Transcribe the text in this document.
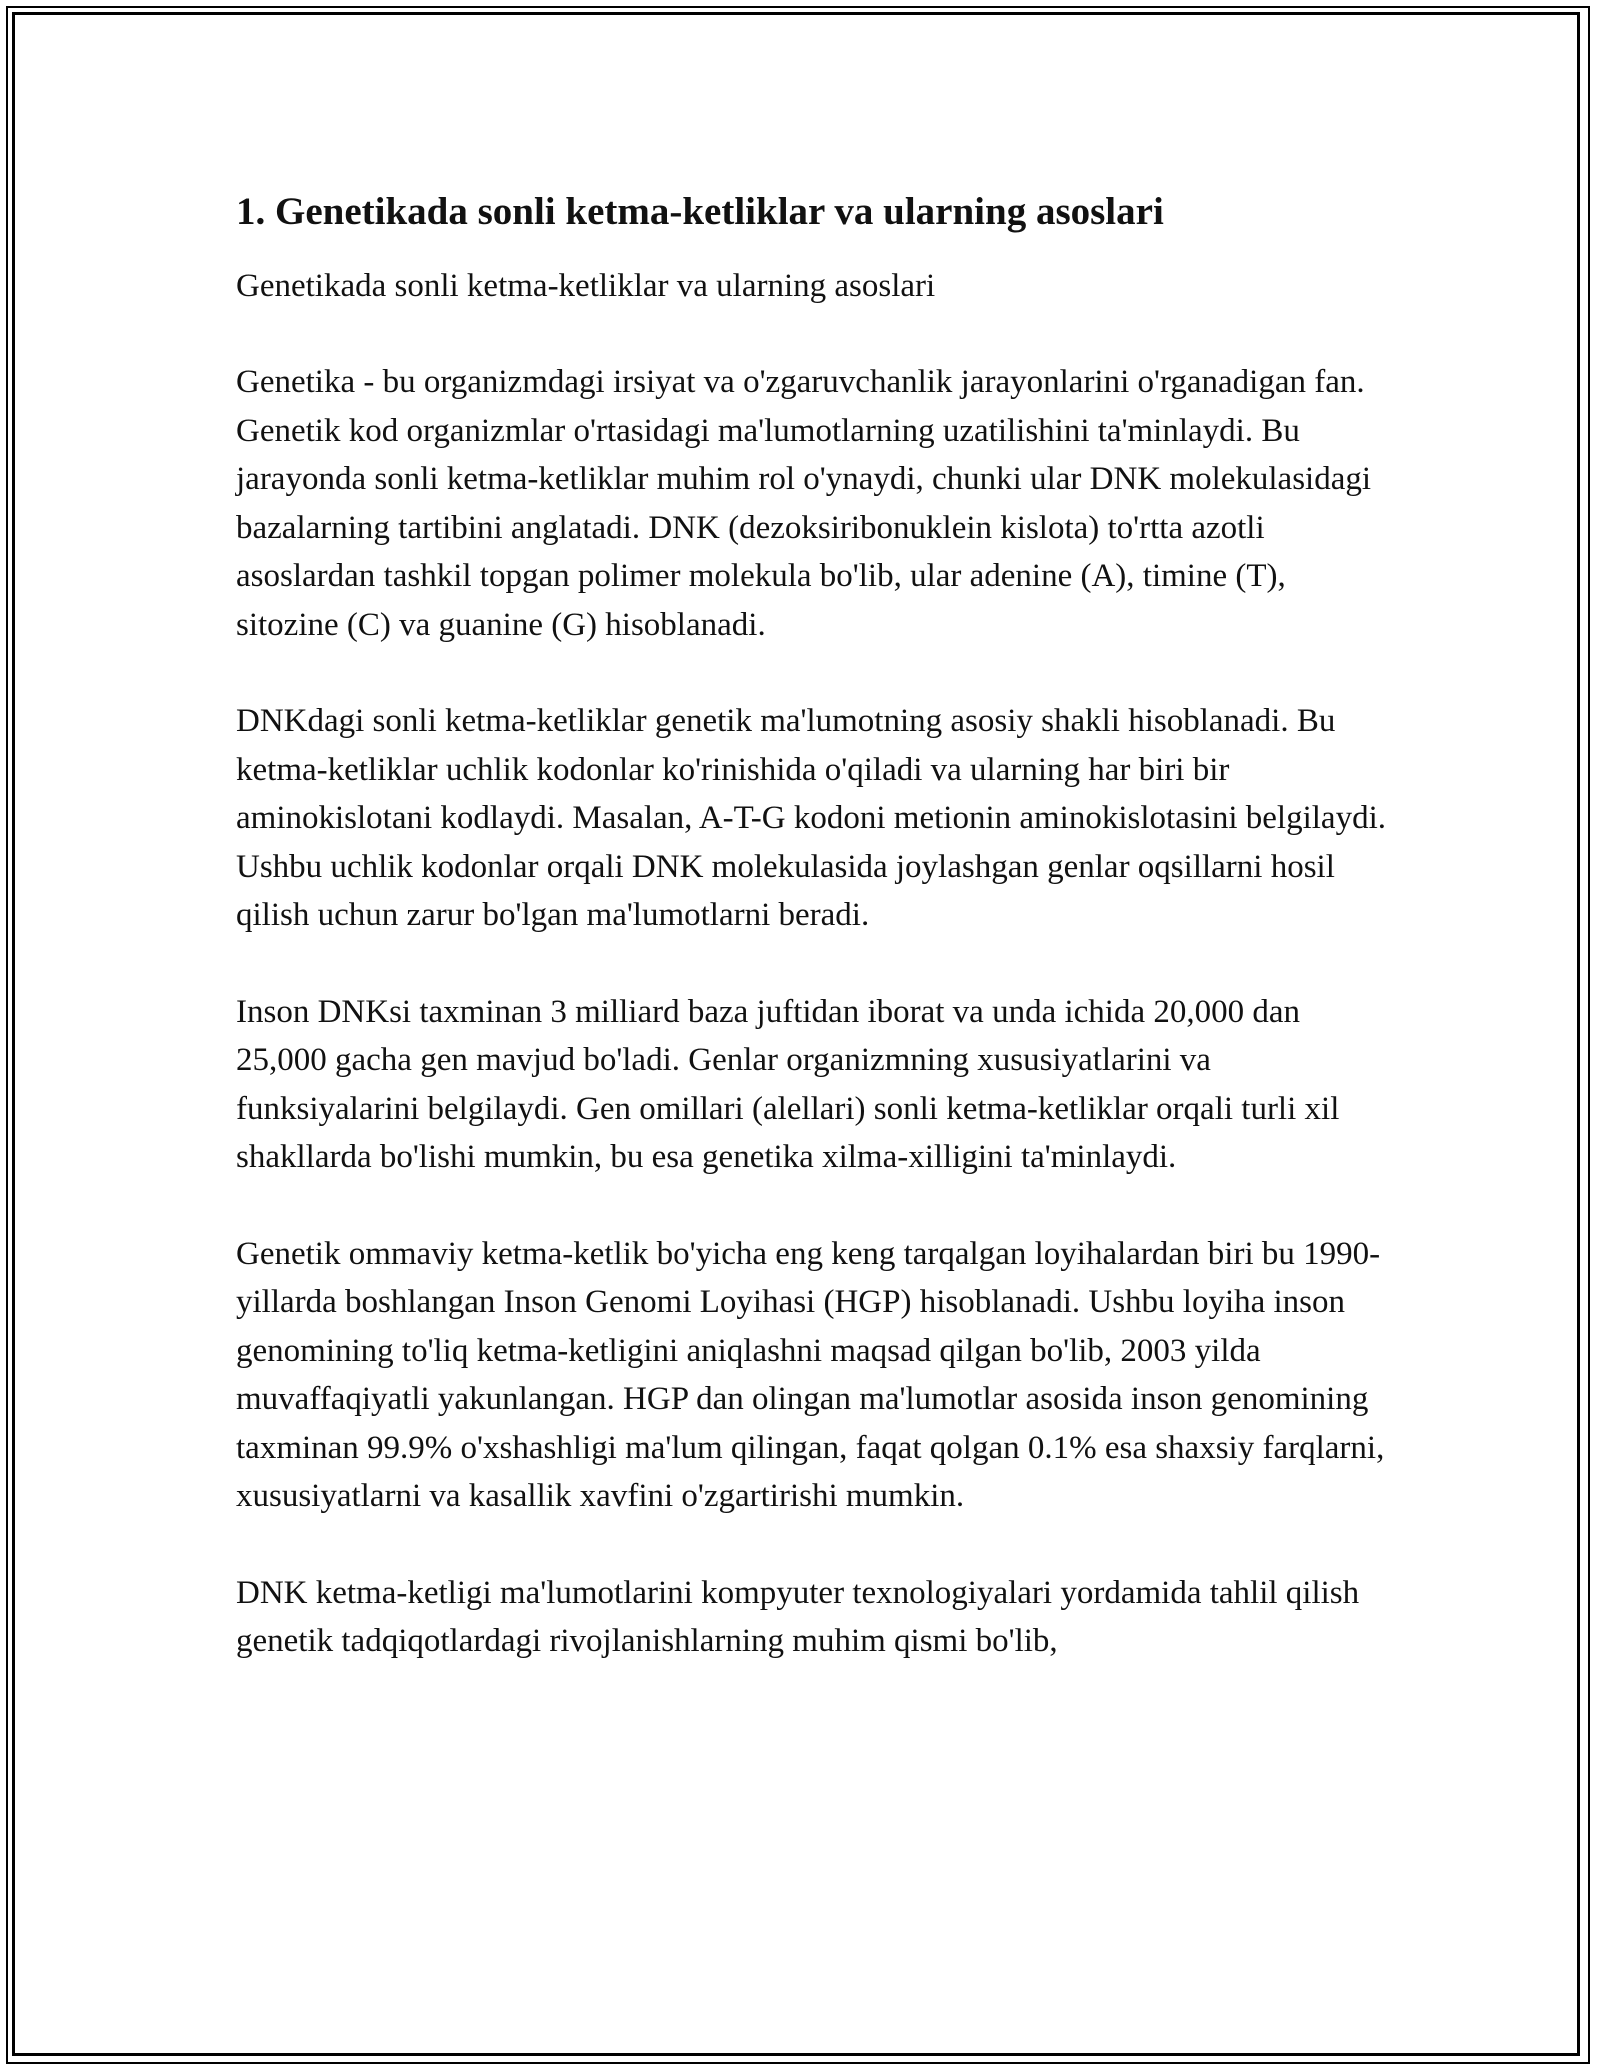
1. Genetikada sonli ketma-ketliklar va ularning asoslari

Genetikada sonli ketma-ketliklar va ularning asoslari

Genetika - bu organizmdagi irsiyat va o'zgaruvchanlik jarayonlarini o'rganadigan fan. Genetik kod organizmlar o'rtasidagi ma'lumotlarning uzatilishini ta'minlaydi. Bu jarayonda sonli ketma-ketliklar muhim rol o'ynaydi, chunki ular DNK molekulasidagi bazalarning tartibini anglatadi. DNK (dezoksiribonuklein kislota) to'rtta azotli asoslardan tashkil topgan polimer molekula bo'lib, ular adenine (A), timine (T), sitozine (C) va guanine (G) hisoblanadi.

DNKdagi sonli ketma-ketliklar genetik ma'lumotning asosiy shakli hisoblanadi. Bu ketma-ketliklar uchlik kodonlar ko'rinishida o'qiladi va ularning har biri bir aminokislotani kodlaydi. Masalan, A-T-G kodoni metionin aminokislotasini belgilaydi. Ushbu uchlik kodonlar orqali DNK molekulasida joylashgan genlar oqsillarni hosil qilish uchun zarur bo'lgan ma'lumotlarni beradi.

Inson DNKsi taxminan 3 milliard baza juftidan iborat va unda ichida 20,000 dan 25,000 gacha gen mavjud bo'ladi. Genlar organizmning xususiyatlarini va funksiyalarini belgilaydi. Gen omillari (alellari) sonli ketma-ketliklar orqali turli xil shakllarda bo'lishi mumkin, bu esa genetika xilma-xilligini ta'minlaydi.

Genetik ommaviy ketma-ketlik bo'yicha eng keng tarqalgan loyihalardan biri bu 1990-yillarda boshlangan Inson Genomi Loyihasi (HGP) hisoblanadi. Ushbu loyiha inson genomining to'liq ketma-ketligini aniqlashni maqsad qilgan bo'lib, 2003 yilda muvaffaqiyatli yakunlangan. HGP dan olingan ma'lumotlar asosida inson genomining taxminan 99.9% o'xshashligi ma'lum qilingan, faqat qolgan 0.1% esa shaxsiy farqlarni, xususiyatlarni va kasallik xavfini o'zgartirishi mumkin.

DNK ketma-ketligi ma'lumotlarini kompyuter texnologiyalari yordamida tahlil qilish genetik tadqiqotlardagi rivojlanishlarning muhim qismi bo'lib,
